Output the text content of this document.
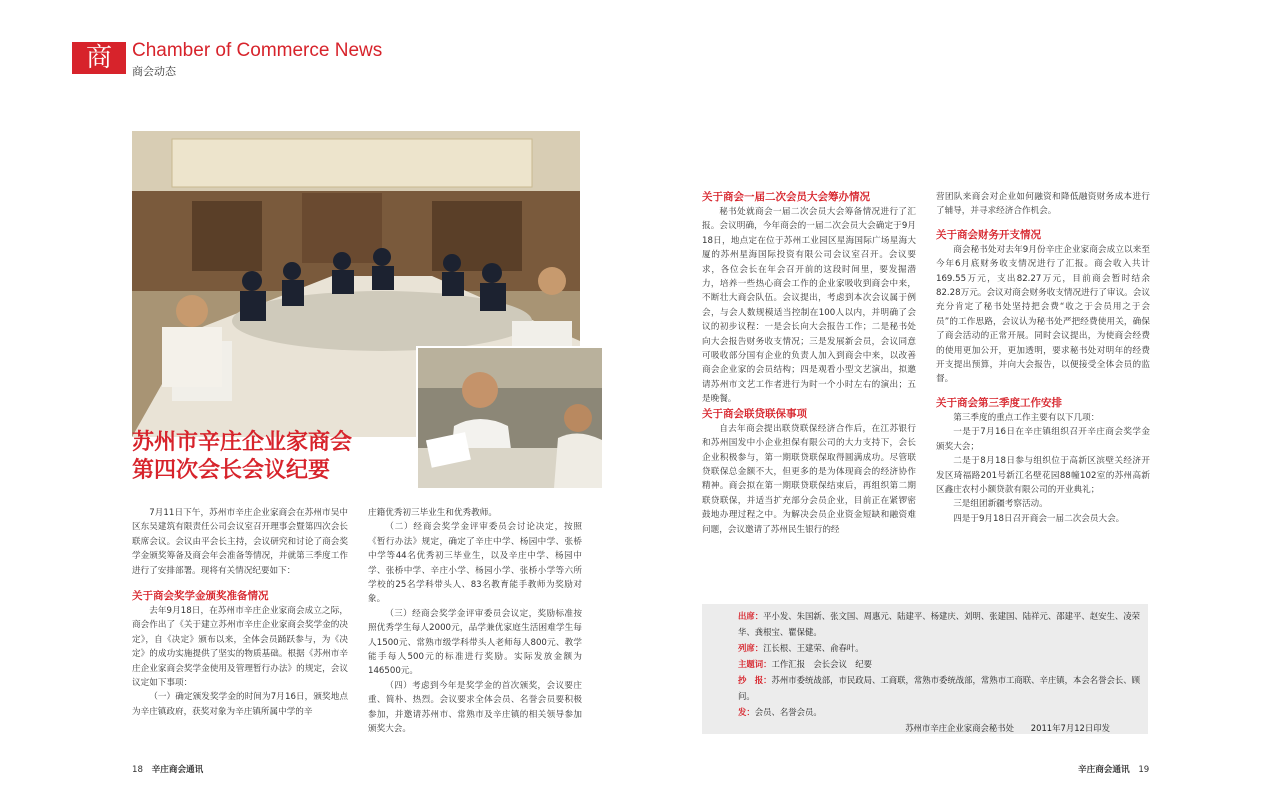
商	Chamber of Commerce News
商会动态
苏州市辛庄企业家商会
第四次会长会议纪要

7月11日下午，苏州市辛庄企业家商会在苏州市吴中区东吴建筑有限责任公司会议室召开理事会暨第四次会长联席会议。会议由平会长主持，会议研究和讨论了商会奖学金颁奖筹备及商会年会准备等情况，并就第三季度工作进行了安排部署。现将有关情况纪要如下：

关于商会奖学金颁奖准备情况

去年9月18日，在苏州市辛庄企业家商会成立之际，商会作出了《关于建立苏州市辛庄企业家商会奖学金的决定》，自《决定》颁布以来，全体会员踊跃参与，为《决定》的成功实施提供了坚实的物质基础。根据《苏州市辛庄企业家商会奖学金使用及管理暂行办法》的规定，会议议定如下事项：

（一）确定颁发奖学金的时间为7月16日，颁奖地点为辛庄镇政府，获奖对象为辛庄镇所属中学的辛

庄籍优秀初三毕业生和优秀教师。

（二）经商会奖学金评审委员会讨论决定，按照《暂行办法》规定，确定了辛庄中学、杨园中学、张桥中学等44名优秀初三毕业生，以及辛庄中学、杨园中学、张桥中学、辛庄小学、杨园小学、张桥小学等六所学校的25名学科带头人、83名教育能手教师为奖励对象。

（三）经商会奖学金评审委员会议定，奖励标准按照优秀学生每人2000元，品学兼优家庭生活困难学生每人1500元、常熟市级学科带头人老师每人800元、教学能手每人500元的标准进行奖励。实际发放金额为146500元。

（四）考虑到今年是奖学金的首次颁奖，会议要庄重、简朴、热烈。会议要求全体会员、名誉会员要积极参加，并邀请苏州市、常熟市及辛庄镇的相关领导参加颁奖大会。

关于商会一届二次会员大会筹办情况

秘书处就商会一届二次会员大会筹备情况进行了汇报。会议明确，今年商会的一届二次会员大会确定于9月18日，地点定在位于苏州工业园区星海国际广场星海大厦的苏州星海国际投资有限公司会议室召开。会议要求，各位会长在年会召开前的这段时间里，要发掘潜力，培养一些热心商会工作的企业家吸收到商会中来，不断壮大商会队伍。会议提出，考虑到本次会议属于例会，与会人数规模适当控制在100人以内，并明确了会议的初步议程：一是会长向大会报告工作；二是秘书处向大会报告财务收支情况；三是发展新会员，会议同意可吸收部分国有企业的负责人加入到商会中来，以改善商会企业家的会员结构；四是观看小型文艺演出，拟邀请苏州市文艺工作者进行为时一个小时左右的演出；五是晚餐。

关于商会联贷联保事项

自去年商会提出联贷联保经济合作后，在江苏银行和苏州国发中小企业担保有限公司的大力支持下，会长企业积极参与，第一期联贷联保取得圆满成功。尽管联贷联保总金额不大，但更多的是为体现商会的经济协作精神。商会拟在第一期联贷联保结束后，再组织第二期联贷联保，并适当扩充部分会员企业，目前正在紧锣密鼓地办理过程之中。为解决会员企业资金短缺和融资难问题，会议邀请了苏州民生银行的经

营团队来商会对企业如何融资和降低融资财务成本进行了辅导，并寻求经济合作机会。

关于商会财务开支情况

商会秘书处对去年9月份辛庄企业家商会成立以来至今年6月底财务收支情况进行了汇报。商会收入共计169.55万元，支出82.27万元，目前商会暂时结余82.28万元。会议对商会财务收支情况进行了审议。会议充分肯定了秘书处坚持把会费“收之于会员用之于会员”的工作思路，会议认为秘书处严把经费使用关，确保了商会活动的正常开展。同时会议提出，为使商会经费的使用更加公开，更加透明，要求秘书处对明年的经费开支提出预算，并向大会报告，以便接受全体会员的监督。

关于商会第三季度工作安排

第三季度的重点工作主要有以下几项：

一是于7月16日在辛庄镇组织召开辛庄商会奖学金颁奖大会；

二是于8月18日参与组织位于高新区滨壁关经济开发区琦福路201号新江名壁花园88幢102室的苏州高新区鑫庄农村小额贷款有限公司的开业典礼；

三是组团新疆考察活动。

四是于9月18日召开商会一届二次会员大会。

出席：平小发、朱国新、张文国、周惠元、陆建平、杨建庆、刘明、张建国、陆祥元、邵建平、赵安生、凌荣华、龚根宝、瞿保健。
列席：江长根、王建荣、俞春叶。
主题词：工作汇报　会长会议　纪要
抄　报：苏州市委统战部，市民政局、工商联，常熟市委统战部，常熟市工商联、辛庄镇，本会名誉会长、顾问。
发：会员、名誉会员。
苏州市辛庄企业家商会秘书处　　2011年7月12日印发
18 辛庄商会通讯	辛庄商会通讯 19
